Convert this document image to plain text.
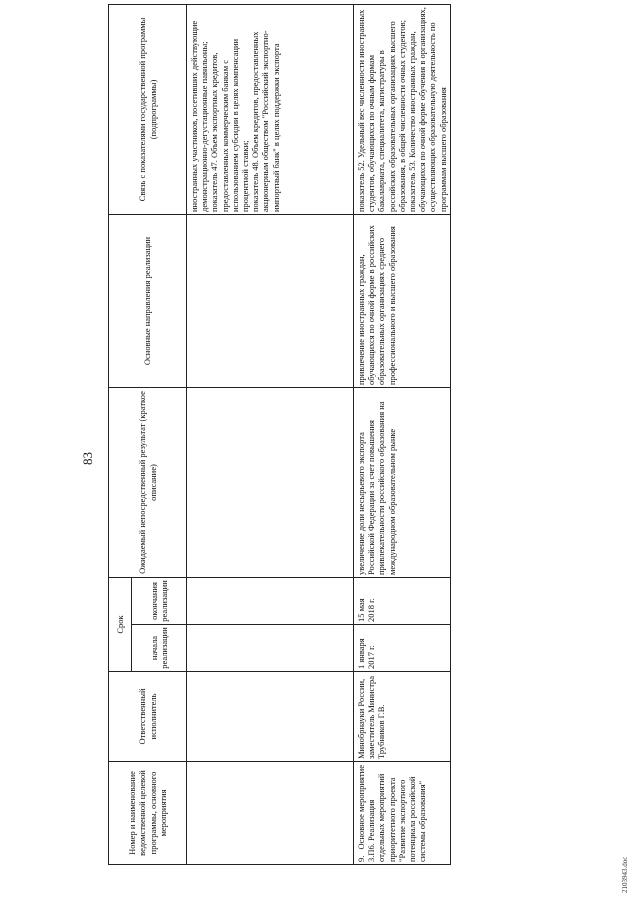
83
Номер и наименование ведомственной целевой программы, основного мероприятия	Ответственный исполнитель	Срок		Ожидаемый непосредственный результат (краткое описание)	Основные направления реализации	Связь с показателями государственной программы (подпрограммы)
		начала реализации	окончания реализации			
						иностранных участников, посетивших действующие демонстрационно-дегустационные павильоны;
показатель 47. Объем экспортных кредитов, предоставленных коммерческим банкам с использованием субсидии в целях компенсации процентной ставки;
показатель 48. Объем кредитов, предоставленных акционерным обществом "Российский экспортно-импортный банк" в целях поддержки экспорта
9. Основное мероприятие 3.П6. Реализация отдельных мероприятий приоритетного проекта "Развитие экспортного потенциала российской системы образования"	Минобрнауки России, заместитель Министра Трубников Г.В.	1 января 2017 г.	15 мая 2018 г.	увеличение доли несырьевого экспорта Российской Федерации за счет повышения привлекательности российского образования на международном образовательном рынке	привлечение иностранных граждан, обучающихся по очной форме в российских образовательных организациях среднего профессионального и высшего образования	показатель 52. Удельный вес численности иностранных студентов, обучающихся по очным формам бакалавриата, специалитета, магистратуры в российских образовательных организациях высшего образования, в общей численности очных студентов;
показатель 53. Количество иностранных граждан, обучающихся по очной форме обучения в организациях, осуществляющих образовательную деятельность по программам высшего образования
2103943.doc
